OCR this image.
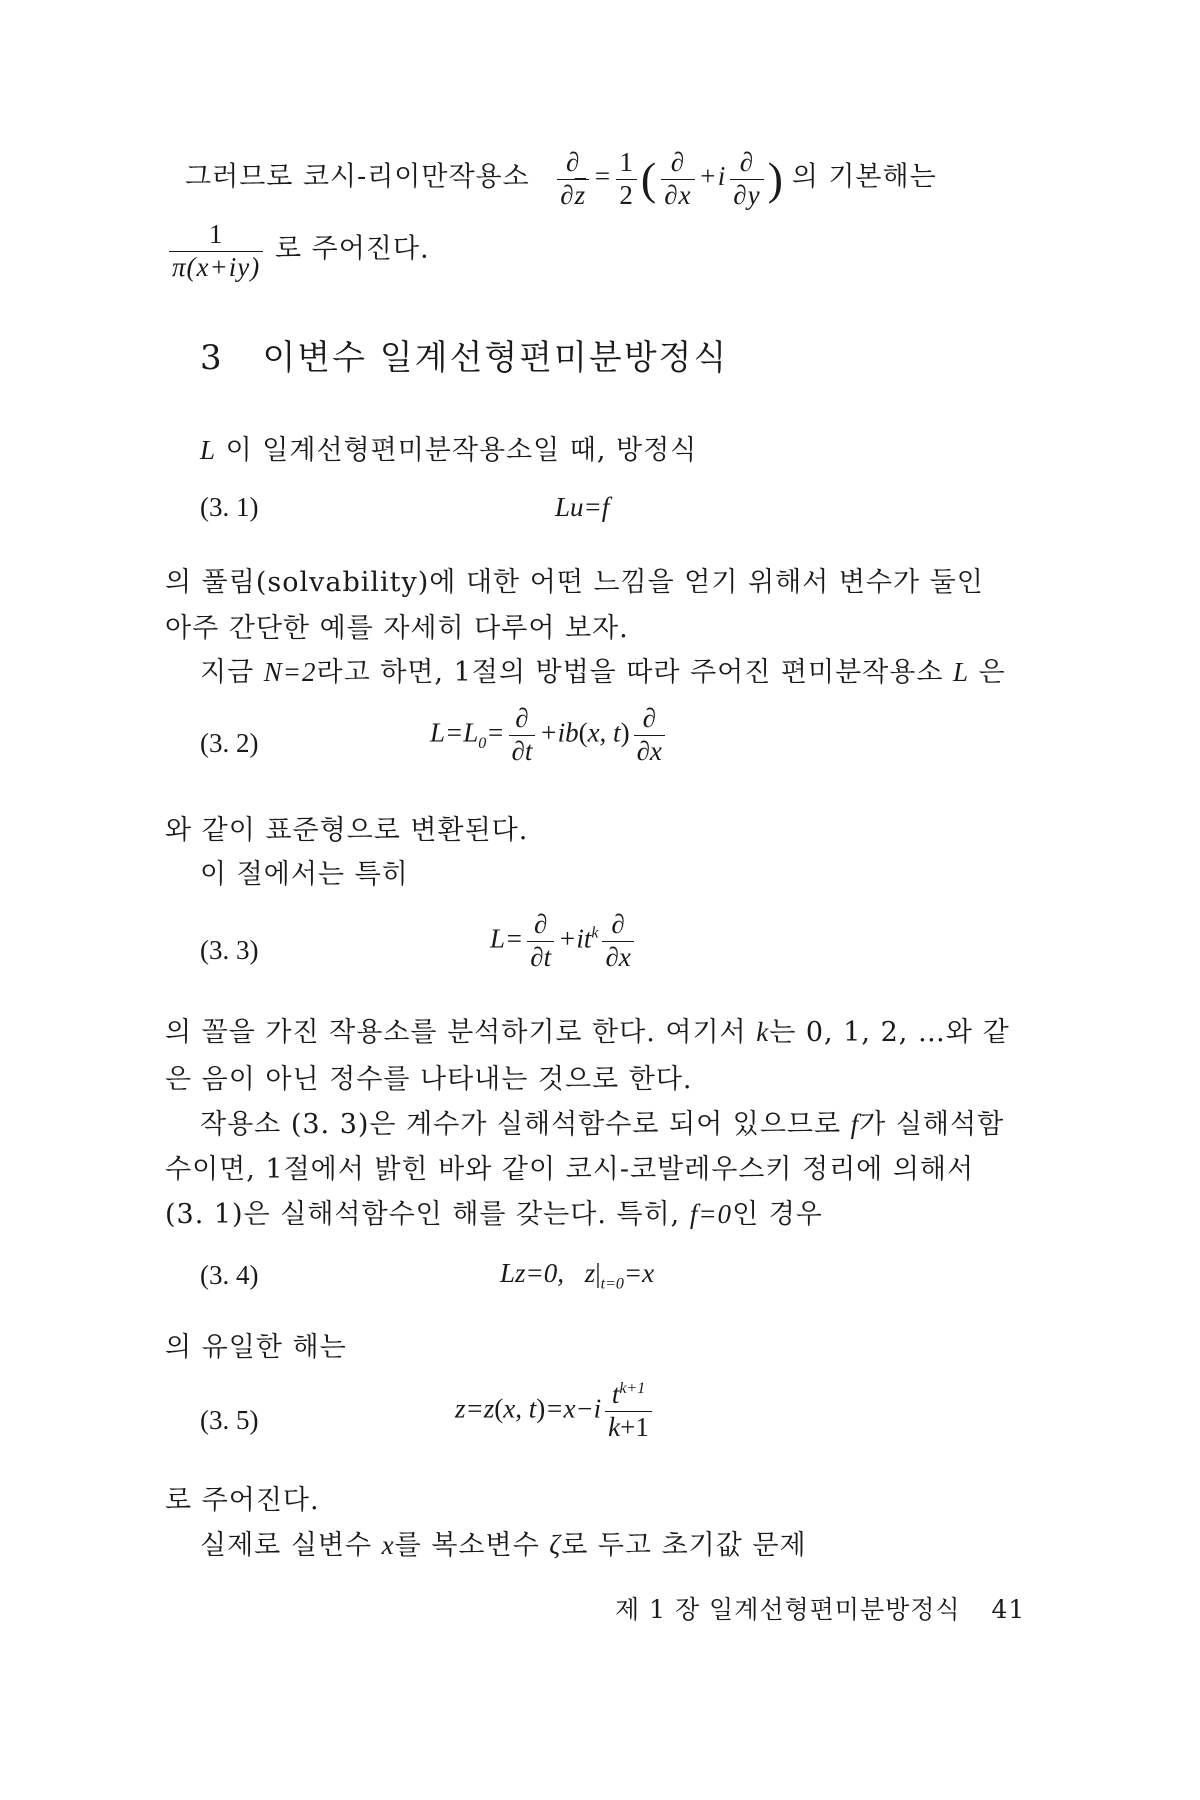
그러므로 코시-리이만작용소 $\frac{\partial}{\partial\overline{z}} = \frac{1}{2}$ ( $\frac{\partial}{\partial x} +i \frac{\partial}{\partial y}$ ) 의 기본해는
$\frac{1}{\pi(x+iy)}$ 로 주어진다.
3 이변수 일계선형편미분방정식
L 이 일계선형편미분작용소일 때, 방정식
(3. 1)	Lu=f
의 풀림(solvability)에 대한 어떤 느낌을 얻기 위해서 변수가 둘인
아주 간단한 예를 자세히 다루어 보자.
지금 N=2라고 하면, 1절의 방법을 따라 주어진 편미분작용소 L 은
(3. 2)	$L=L_0= \frac{\partial}{\partial t} +ib(x$, $t) \frac{\partial}{\partial x}$
와 같이 표준형으로 변환된다.
이 절에서는 특히
(3. 3)	$L= \frac{\partial}{\partial t} +it^k \frac{\partial}{\partial x}$
의 꼴을 가진 작용소를 분석하기로 한다. 여기서 k는 0, 1, 2, …와 같
은 음이 아닌 정수를 나타내는 것으로 한다.
작용소 (3. 3)은 계수가 실해석함수로 되어 있으므로 f가 실해석함
수이면, 1절에서 밝힌 바와 같이 코시-코발레우스키 정리에 의해서
(3. 1)은 실해석함수인 해를 갖는다. 특히, f=0인 경우
(3. 4)	Lz=0, $z|_{t=0}=x$
의 유일한 해는
(3. 5)	z=z(x, $t)=x-i \frac{t^{k+1}}{k+1}$
로 주어진다.
실제로 실변수 x를 복소변수 ζ로 두고 초기값 문제
제 1 장 일계선형편미분방정식 41
